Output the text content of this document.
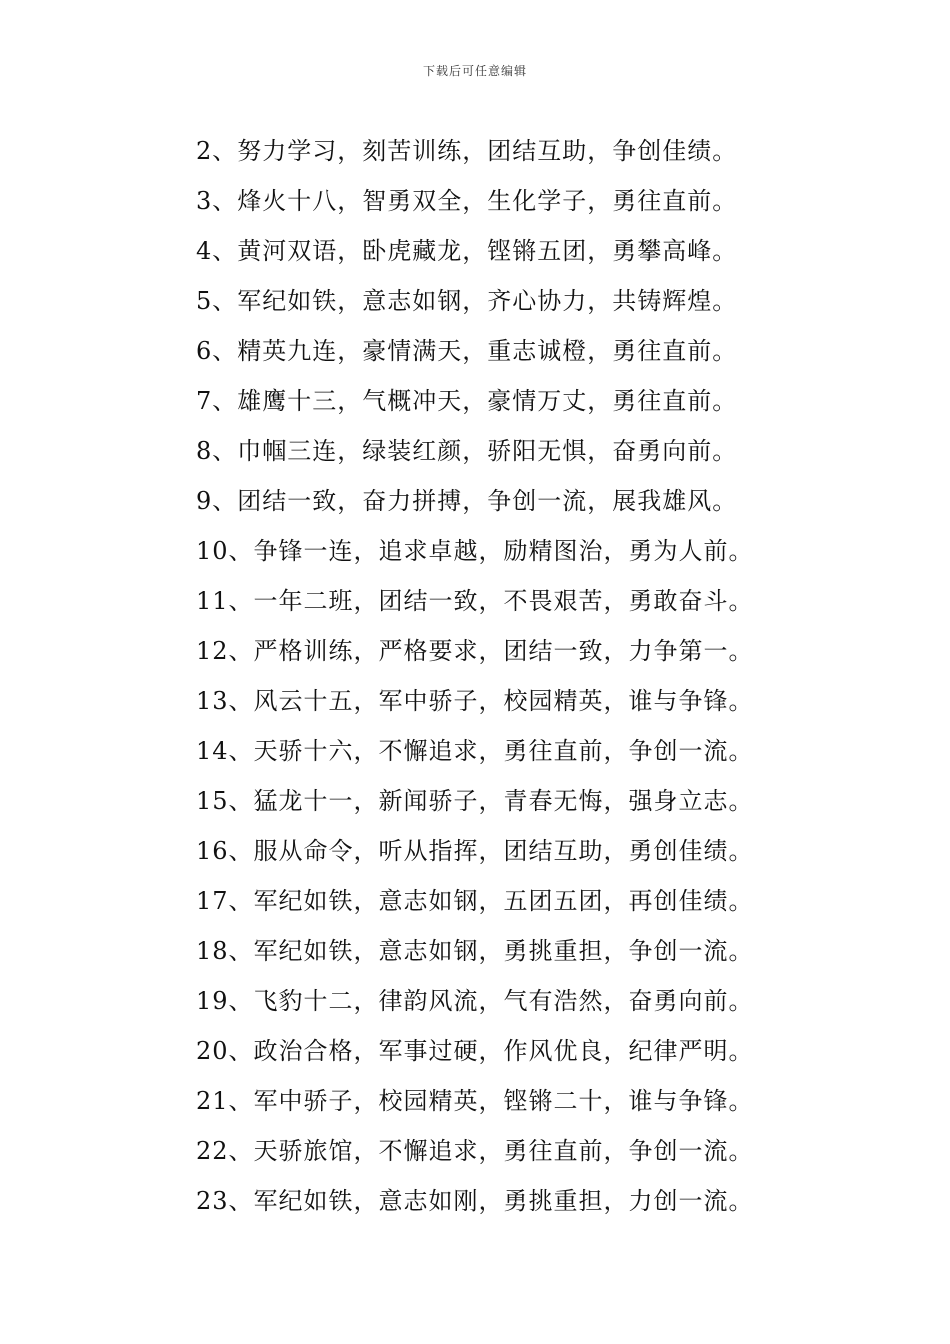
下载后可任意编辑
2、努力学习，刻苦训练，团结互助，争创佳绩。
3、烽火十八，智勇双全，生化学子，勇往直前。
4、黄河双语，卧虎藏龙，铿锵五团，勇攀高峰。
5、军纪如铁，意志如钢，齐心协力，共铸辉煌。
6、精英九连，豪情满天，重志诚橙，勇往直前。
7、雄鹰十三，气概冲天，豪情万丈，勇往直前。
8、巾帼三连，绿装红颜，骄阳无惧，奋勇向前。
9、团结一致，奋力拼搏，争创一流，展我雄风。
10、争锋一连，追求卓越，励精图治，勇为人前。
11、一年二班，团结一致，不畏艰苦，勇敢奋斗。
12、严格训练，严格要求，团结一致，力争第一。
13、风云十五，军中骄子，校园精英，谁与争锋。
14、天骄十六，不懈追求，勇往直前，争创一流。
15、猛龙十一，新闻骄子，青春无悔，强身立志。
16、服从命令，听从指挥，团结互助，勇创佳绩。
17、军纪如铁，意志如钢，五团五团，再创佳绩。
18、军纪如铁，意志如钢，勇挑重担，争创一流。
19、飞豹十二，律韵风流，气有浩然，奋勇向前。
20、政治合格，军事过硬，作风优良，纪律严明。
21、军中骄子，校园精英，铿锵二十，谁与争锋。
22、天骄旅馆，不懈追求，勇往直前，争创一流。
23、军纪如铁，意志如刚，勇挑重担，力创一流。
